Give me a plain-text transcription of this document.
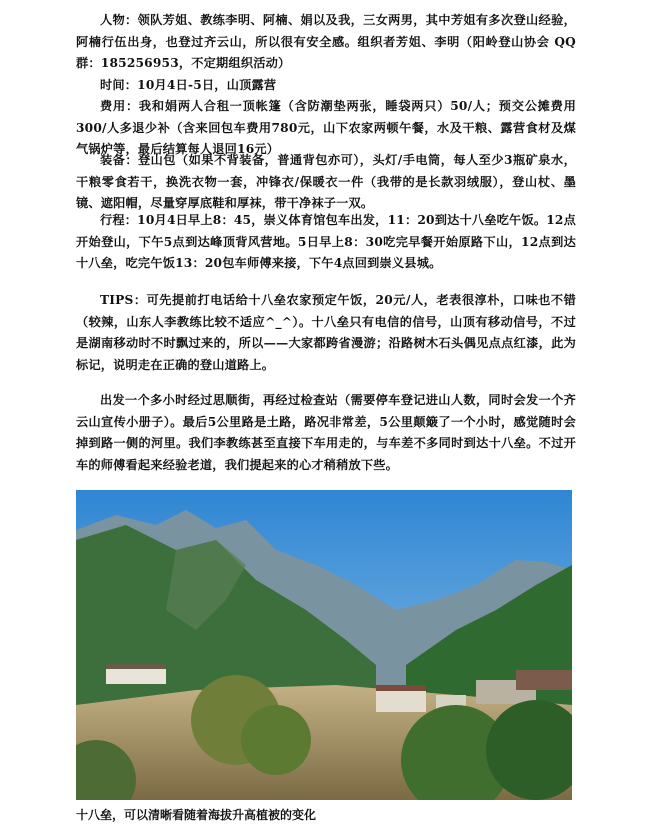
人物：领队芳姐、教练李明、阿楠、娟以及我，三女两男，其中芳姐有多次登山经验，阿楠行伍出身，也登过齐云山，所以很有安全感。组织者芳姐、李明（阳岭登山协会 QQ群：185256953，不定期组织活动）

时间：10月4日-5日，山顶露营

费用：我和娟两人合租一顶帐篷（含防潮垫两张，睡袋两只）50/人；预交公摊费用300/人多退少补（含来回包车费用780元，山下农家两顿午餐，水及干粮、露营食材及煤气锅炉等，最后结算每人退回16元）

装备：登山包（如果不背装备，普通背包亦可），头灯/手电筒，每人至少3瓶矿泉水，干粮零食若干，换洗衣物一套，冲锋衣/保暖衣一件（我带的是长款羽绒服），登山杖、墨镜、遮阳帽，尽量穿厚底鞋和厚袜，带干净袜子一双。

行程：10月4日早上8：45，崇义体育馆包车出发，11：20到达十八垒吃午饭。12点开始登山，下午5点到达峰顶背风营地。5日早上8：30吃完早餐开始原路下山，12点到达十八垒，吃完午饭13：20包车师傅来接，下午4点回到崇义县城。

TIPS：可先提前打电话给十八垒农家预定午饭，20元/人，老表很淳朴，口味也不错（较辣，山东人李教练比较不适应^_^）。十八垒只有电信的信号，山顶有移动信号，不过是湖南移动时不时飘过来的，所以——大家都跨省漫游；沿路树木石头偶见点点红漆，此为标记，说明走在正确的登山道路上。

出发一个多小时经过思顺街，再经过检查站（需要停车登记进山人数，同时会发一个齐云山宣传小册子）。最后5公里路是土路，路况非常差，5公里颠簸了一个小时，感觉随时会掉到路一侧的河里。我们李教练甚至直接下车用走的，与车差不多同时到达十八垒。不过开车的师傅看起来经验老道，我们提起来的心才稍稍放下些。

十八垒，可以清晰看随着海拔升高植被的变化
